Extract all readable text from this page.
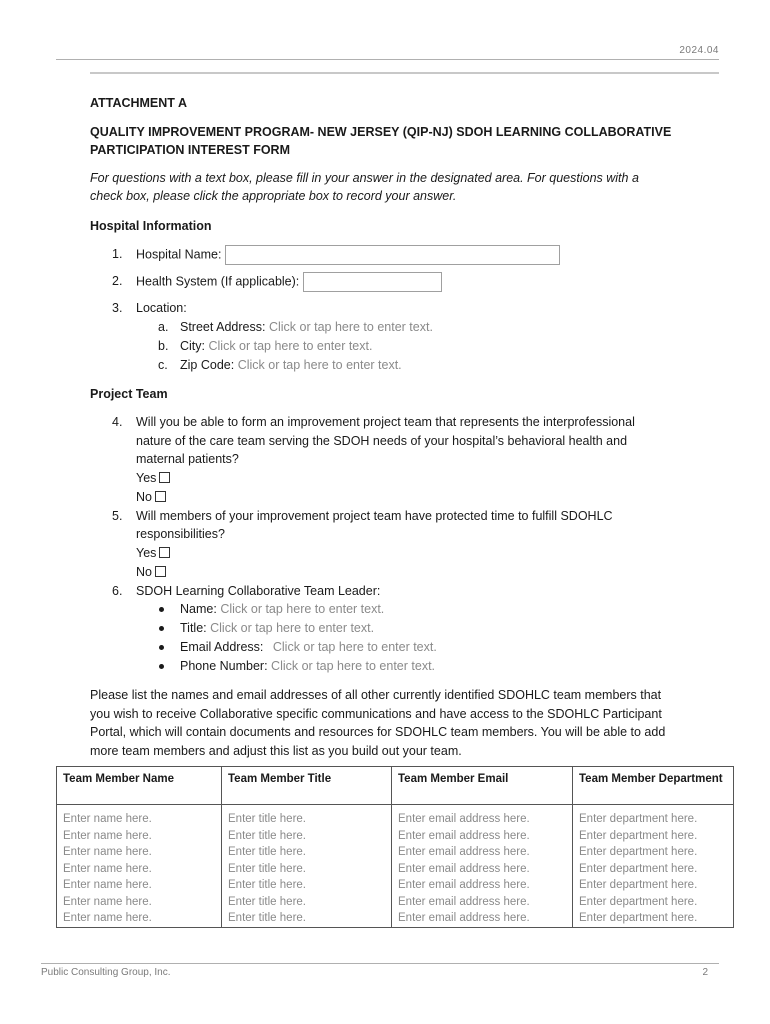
2024.04
ATTACHMENT A
QUALITY IMPROVEMENT PROGRAM- NEW JERSEY (QIP-NJ) SDOH LEARNING COLLABORATIVE
PARTICIPATION INTEREST FORM
For questions with a text box, please fill in your answer in the designated area. For questions with a
check box, please click the appropriate box to record your answer.
Hospital Information
1. Hospital Name:
2. Health System (If applicable):
3. Location:
a. Street Address: Click or tap here to enter text.
b. City: Click or tap here to enter text.
c. Zip Code: Click or tap here to enter text.
Project Team
4. Will you be able to form an improvement project team that represents the interprofessional
nature of the care team serving the SDOH needs of your hospital’s behavioral health and
maternal patients?
Yes
No
5. Will members of your improvement project team have protected time to fulfill SDOHLC
responsibilities?
Yes
No
6. SDOH Learning Collaborative Team Leader:
Name: Click or tap here to enter text.
Title: Click or tap here to enter text.
Email Address: Click or tap here to enter text.
Phone Number: Click or tap here to enter text.
Please list the names and email addresses of all other currently identified SDOHLC team members that
you wish to receive Collaborative specific communications and have access to the SDOHLC Participant
Portal, which will contain documents and resources for SDOHLC team members. You will be able to add
more team members and adjust this list as you build out your team.
Team Member Name	Team Member Title	Team Member Email	Team Member Department
Enter name here.	Enter title here.	Enter email address here.	Enter department here.
Enter name here.	Enter title here.	Enter email address here.	Enter department here.
Enter name here.	Enter title here.	Enter email address here.	Enter department here.
Enter name here.	Enter title here.	Enter email address here.	Enter department here.
Enter name here.	Enter title here.	Enter email address here.	Enter department here.
Enter name here.	Enter title here.	Enter email address here.	Enter department here.
Enter name here.	Enter title here.	Enter email address here.	Enter department here.
Public Consulting Group, Inc.	2
